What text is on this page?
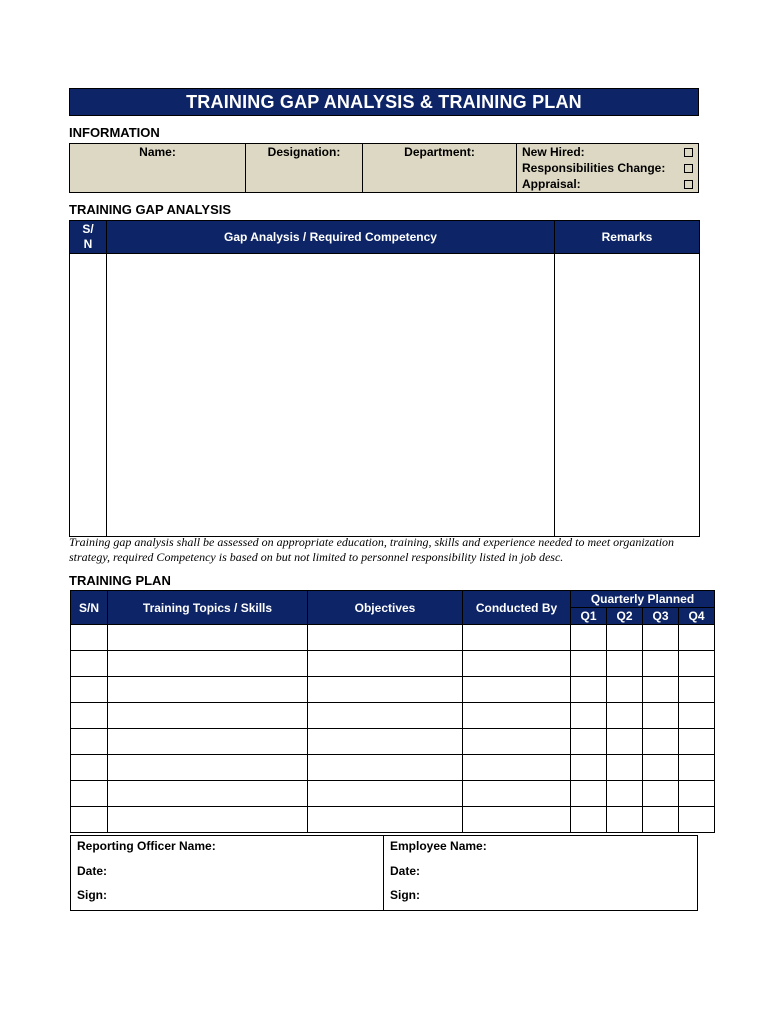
TRAINING GAP ANALYSIS & TRAINING PLAN
INFORMATION
Name:	Designation:	Department:	New Hired:
Responsibilities Change:
Appraisal:
TRAINING GAP ANALYSIS
S/
N	Gap Analysis / Required Competency	Remarks

Training gap analysis shall be assessed on appropriate education, training, skills and experience needed to meet organization strategy, required Competency is based on but not limited to personnel responsibility listed in job desc.
TRAINING PLAN
S/N	Training Topics / Skills	Objectives	Conducted By	Quarterly Planned			
				Q1	Q2	Q3	Q4

Reporting Officer Name:
Date:
Sign:
Employee Name:
Date:
Sign:
